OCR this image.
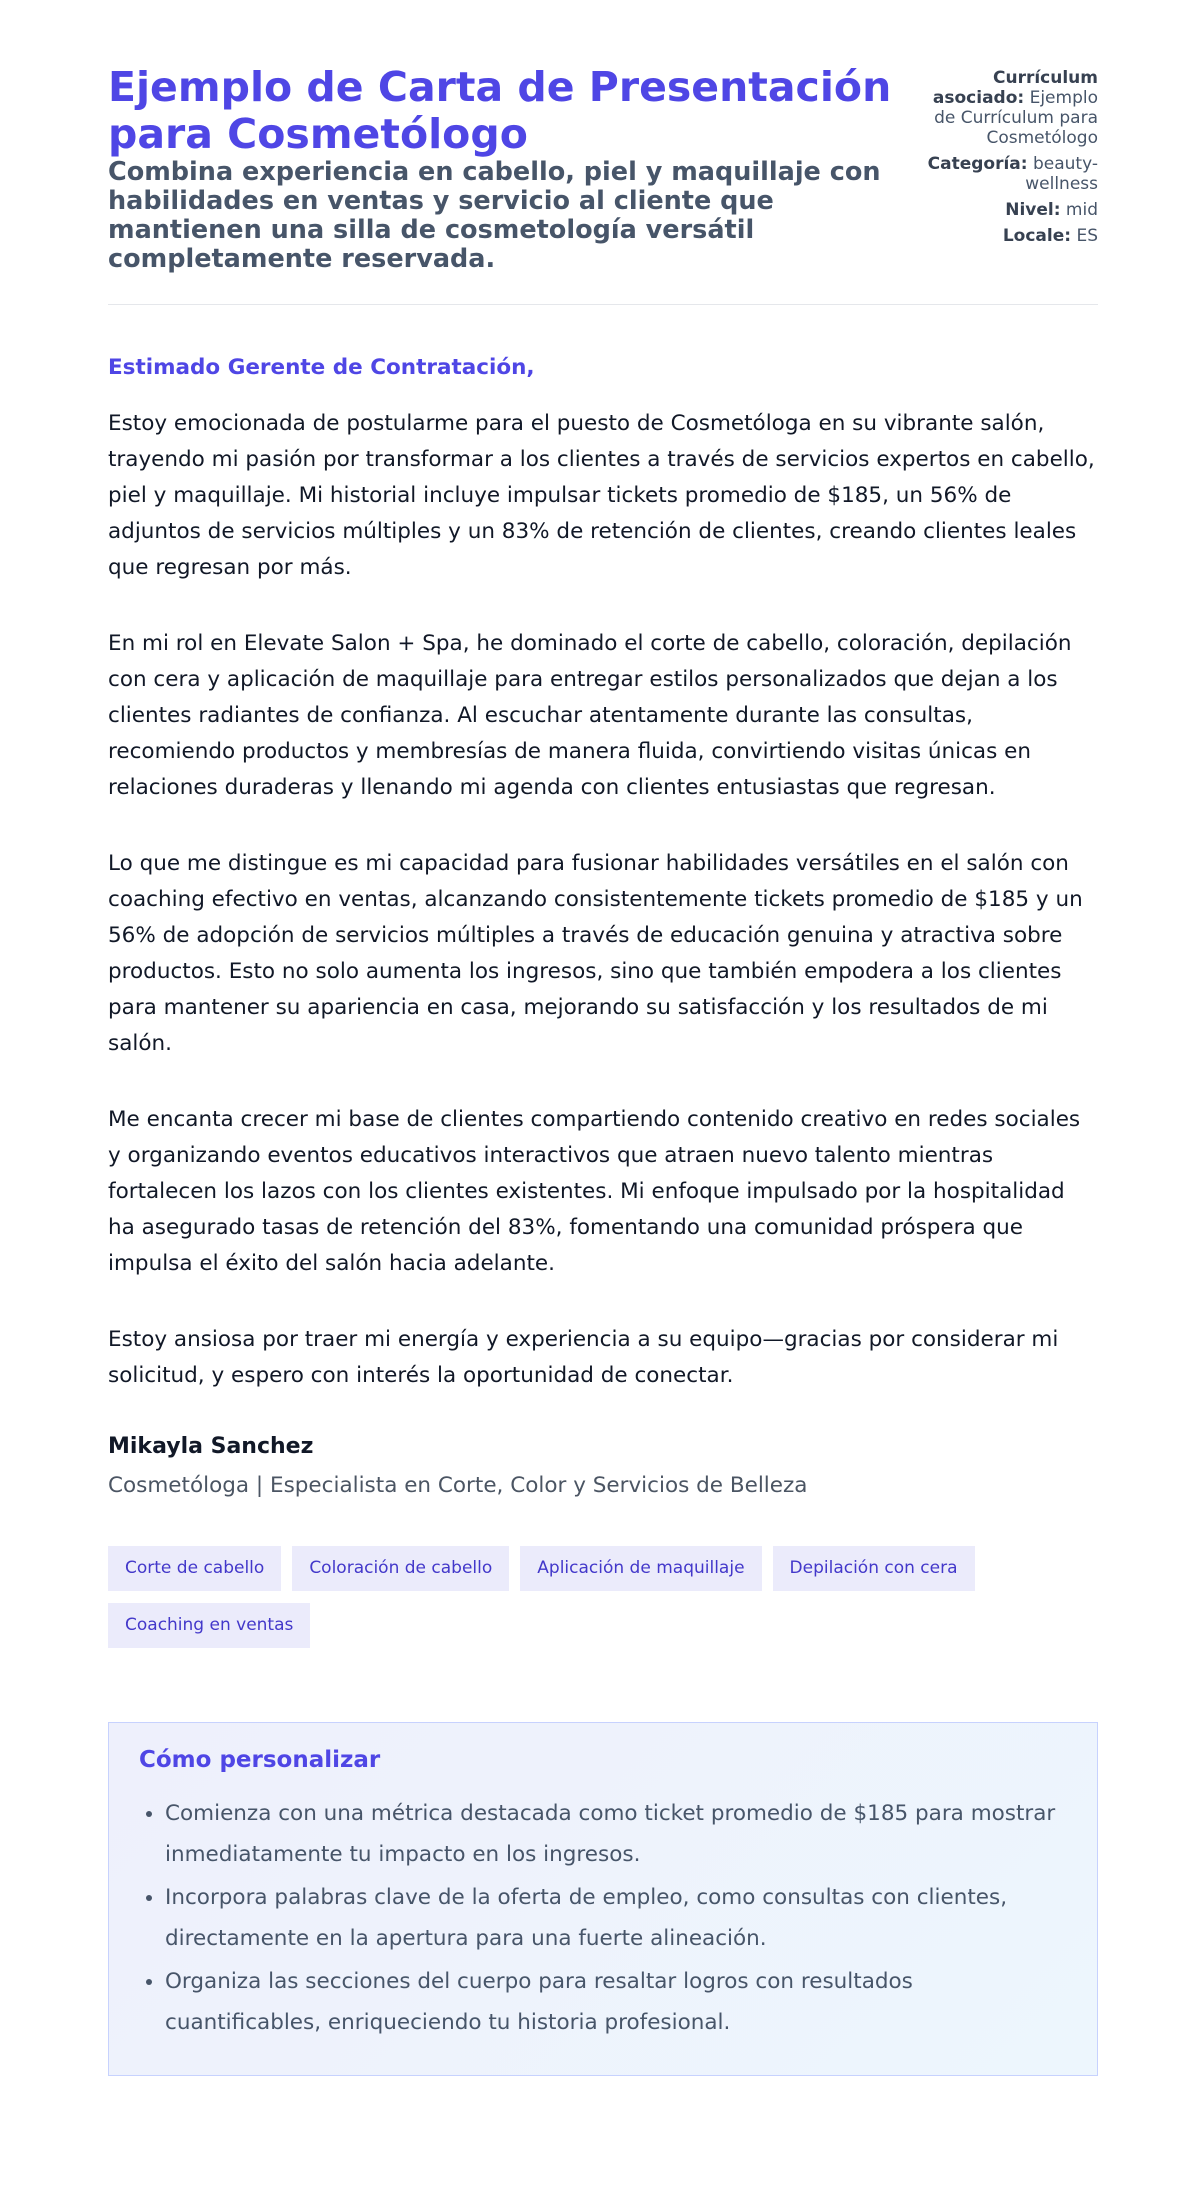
Ejemplo de Carta de Presentación para Cosmetólogo
Combina experiencia en cabello, piel y maquillaje con habilidades en ventas y servicio al cliente que mantienen una silla de cosmetología versátil completamente reservada.
Currículum asociado: Ejemplo de Currículum para Cosmetólogo
Categoría: beauty-wellness
Nivel: mid
Locale: ES
Estimado Gerente de Contratación,

Estoy emocionada de postularme para el puesto de Cosmetóloga en su vibrante salón, trayendo mi pasión por transformar a los clientes a través de servicios expertos en cabello, piel y maquillaje. Mi historial incluye impulsar tickets promedio de $185, un 56% de adjuntos de servicios múltiples y un 83% de retención de clientes, creando clientes leales que regresan por más.

En mi rol en Elevate Salon + Spa, he dominado el corte de cabello, coloración, depilación con cera y aplicación de maquillaje para entregar estilos personalizados que dejan a los clientes radiantes de confianza. Al escuchar atentamente durante las consultas, recomiendo productos y membresías de manera fluida, convirtiendo visitas únicas en relaciones duraderas y llenando mi agenda con clientes entusiastas que regresan.

Lo que me distingue es mi capacidad para fusionar habilidades versátiles en el salón con coaching efectivo en ventas, alcanzando consistentemente tickets promedio de $185 y un 56% de adopción de servicios múltiples a través de educación genuina y atractiva sobre productos. Esto no solo aumenta los ingresos, sino que también empodera a los clientes para mantener su apariencia en casa, mejorando su satisfacción y los resultados de mi salón.

Me encanta crecer mi base de clientes compartiendo contenido creativo en redes sociales y organizando eventos educativos interactivos que atraen nuevo talento mientras fortalecen los lazos con los clientes existentes. Mi enfoque impulsado por la hospitalidad ha asegurado tasas de retención del 83%, fomentando una comunidad próspera que impulsa el éxito del salón hacia adelante.

Estoy ansiosa por traer mi energía y experiencia a su equipo—gracias por considerar mi solicitud, y espero con interés la oportunidad de conectar.

Mikayla Sanchez
Cosmetóloga | Especialista en Corte, Color y Servicios de Belleza
Corte de cabello	Coloración de cabello	Aplicación de maquillaje	Depilación con cera
Coaching en ventas
Cómo personalizar
• Comienza con una métrica destacada como ticket promedio de $185 para mostrar inmediatamente tu impacto en los ingresos.
• Incorpora palabras clave de la oferta de empleo, como consultas con clientes, directamente en la apertura para una fuerte alineación.
• Organiza las secciones del cuerpo para resaltar logros con resultados cuantificables, enriqueciendo tu historia profesional.
